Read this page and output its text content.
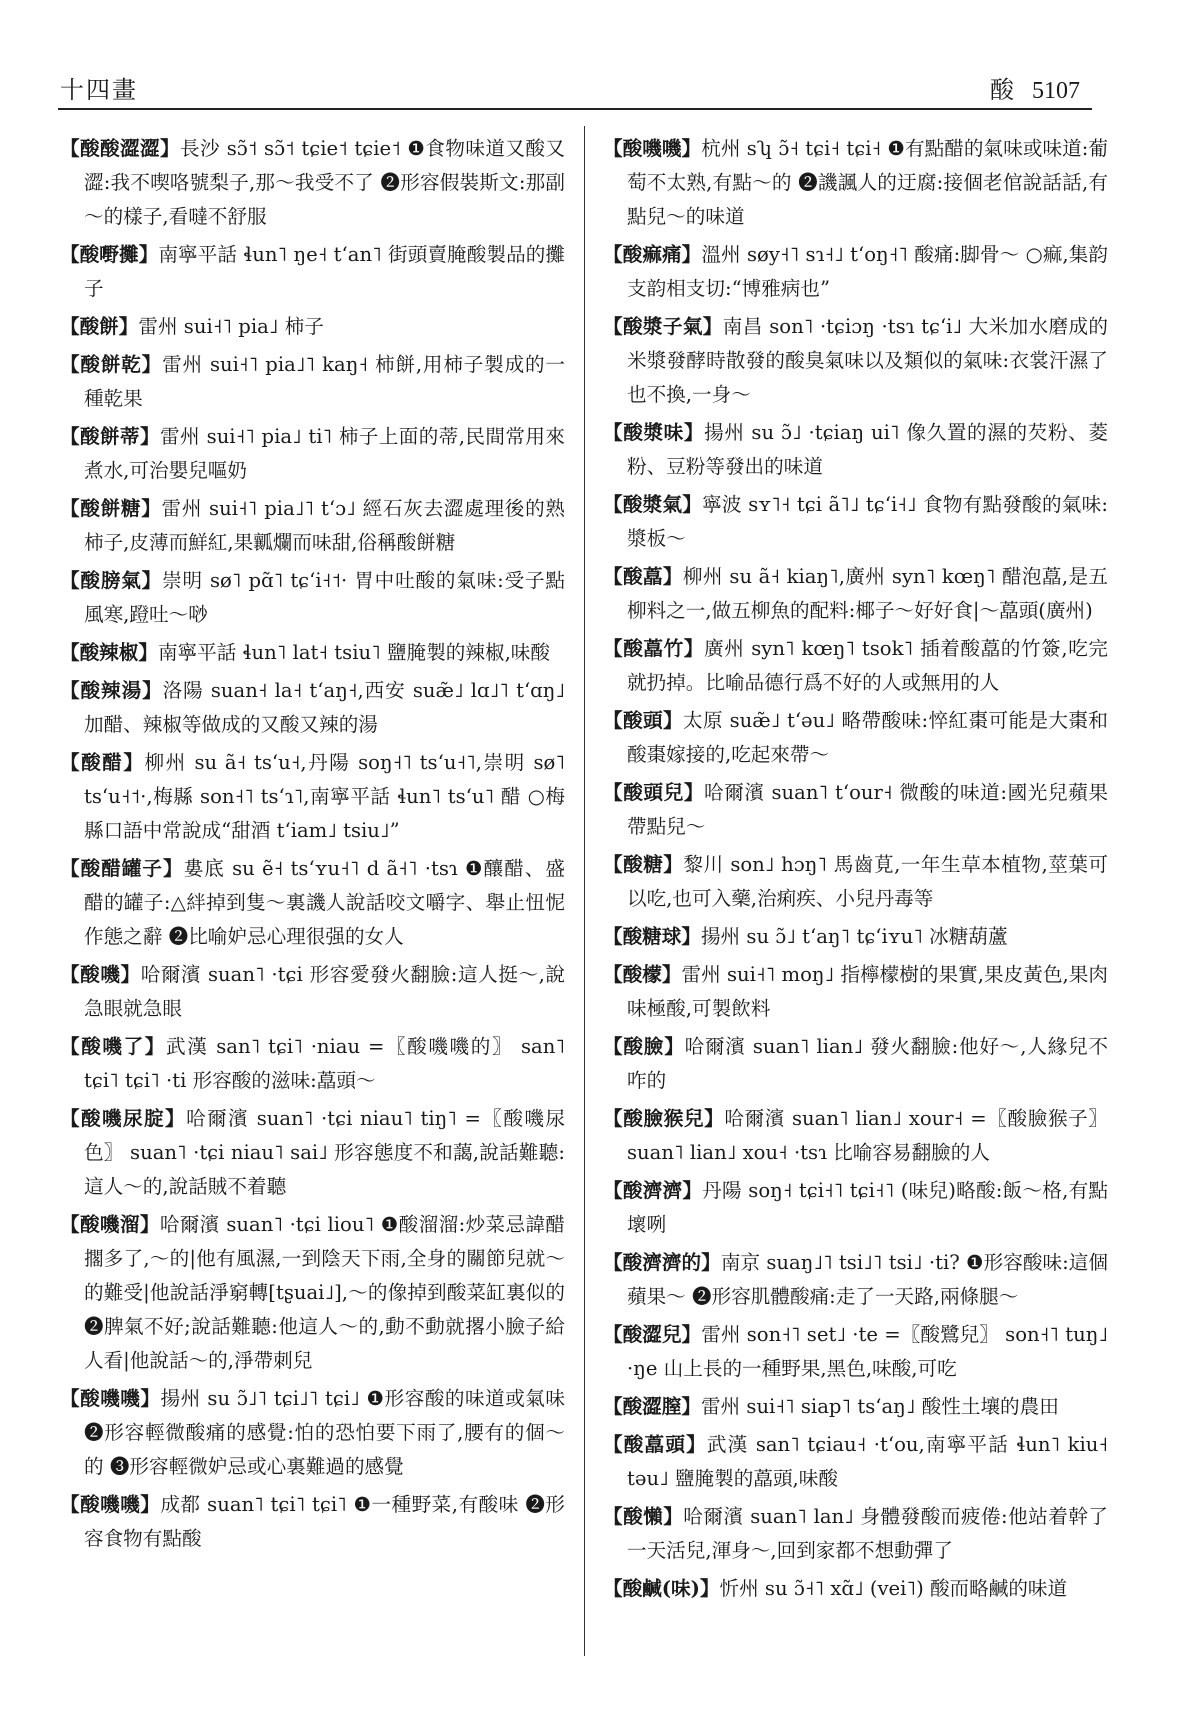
十四畫	酸 5107

【酸酸澀澀】長沙 sɔ̃˦ sɔ̃˦ tɕie˦ tɕie˦ ❶食物味道又酸又澀:我不喫咯號梨子,那～我受不了 ❷形容假裝斯文:那副～的樣子,看噠不舒服

【酸嘢攤】南寧平話 ɬun˥ ŋe˧ tʻan˥ 街頭賣腌酸製品的攤子

【酸餅】雷州 sui˧˥ pia˩ 柿子

【酸餅乾】雷州 sui˧˥ pia˩˥ kaŋ˧ 柿餅,用柿子製成的一種乾果

【酸餅蒂】雷州 sui˧˥ pia˩ ti˥ 柿子上面的蒂,民間常用來煮水,可治嬰兒嘔奶

【酸餅糖】雷州 sui˧˥ pia˩˥ tʻɔ˩ 經石灰去澀處理後的熟柿子,皮薄而鮮紅,果瓤爛而味甜,俗稱酸餅糖

【酸膀氣】崇明 sø˥ pɑ̃˥ tɕʻi˧˦· 胃中吐酸的氣味:受子點風寒,蹬吐～唦

【酸辣椒】南寧平話 ɬun˥ lat˧ tsiu˥ 鹽腌製的辣椒,味酸

【酸辣湯】洛陽 suan˧ la˧ tʻaŋ˧,西安 suæ̃˩ lɑ˩˥ tʻɑŋ˩ 加醋、辣椒等做成的又酸又辣的湯

【酸醋】柳州 su ã˧ tsʻu˧,丹陽 soŋ˧˥ tsʻu˧˥,崇明 sø˥ tsʻu˧˦·,梅縣 son˧˥ tsʻɿ˥,南寧平話 ɬun˥ tsʻu˥ 醋 ○梅縣口語中常說成“甜酒 tʻiam˩ tsiu˩”

【酸醋罐子】婁底 su ẽ˧ tsʻʏu˧˥ d ã˧˥ ·tsɿ ❶釀醋、盛醋的罐子:△絆掉到隻～裏譏人說話咬文嚼字、舉止忸怩作態之辭 ❷比喻妒忌心理很强的女人

【酸嘰】哈爾濱 suan˥ ·tɕi 形容愛發火翻臉:這人挺～,說急眼就急眼

【酸嘰了】武漢 san˥ tɕi˥ ·niau =〖酸嘰嘰的〗 san˥ tɕi˥ tɕi˥ ·ti 形容酸的滋味:藠頭～

【酸嘰尿腚】哈爾濱 suan˥ ·tɕi niau˥ tiŋ˥ =〖酸嘰尿色〗 suan˥ ·tɕi niau˥ sai˩ 形容態度不和藹,說話難聽:這人～的,說話賊不着聽

【酸嘰溜】哈爾濱 suan˥ ·tɕi liou˥ ❶酸溜溜:炒菜忌諱醋擱多了,～的|他有風濕,一到陰天下雨,全身的關節兒就～的難受|他說話淨窮轉[tʂuai˩],～的像掉到酸菜缸裏似的 ❷脾氣不好;說話難聽:他這人～的,動不動就撂小臉子給人看|他說話～的,淨帶刺兒

【酸嘰嘰】揚州 su ɔ̃˩˥ tɕi˩˥ tɕi˩ ❶形容酸的味道或氣味 ❷形容輕微酸痛的感覺:怕的恐怕要下雨了,腰有的個～的 ❸形容輕微妒忌或心裏難過的感覺

【酸嘰嘰】成都 suan˥ tɕi˥ tɕi˥ ❶一種野菜,有酸味 ❷形容食物有點酸

【酸嘰嘰】杭州 sʮ ɔ̃˧ tɕi˧ tɕi˧ ❶有點醋的氣味或味道:葡萄不太熟,有點～的 ❷譏諷人的迂腐:接個老倌說話話,有點兒～的味道

【酸痲痛】溫州 søy˧˥ sɿ˧˩ tʻoŋ˧˥ 酸痛:脚骨～ ○痲,集韵支韵相支切:“博雅病也”

【酸漿子氣】南昌 son˥ ·tɕiɔŋ ·tsɿ tɕʻi˩ 大米加水磨成的米漿發酵時散發的酸臭氣味以及類似的氣味:衣裳汗濕了也不換,一身～

【酸漿味】揚州 su ɔ̃˩ ·tɕiaŋ ui˥ 像久置的濕的芡粉、菱粉、豆粉等發出的味道

【酸漿氣】寧波 sʏ˥˧ tɕi ã˥˩ tɕʻi˧˩ 食物有點發酸的氣味:漿板～

【酸藠】柳州 su ã˧ kiaŋ˥,廣州 syn˥ kœŋ˥ 醋泡藠,是五柳料之一,做五柳魚的配料:椰子～好好食|～藠頭(廣州)

【酸藠竹】廣州 syn˥ kœŋ˥ tsok˥ 插着酸藠的竹簽,吃完就扔掉。比喻品德行爲不好的人或無用的人

【酸頭】太原 suæ̃˩ tʻəu˩ 略帶酸味:悴紅棗可能是大棗和酸棗嫁接的,吃起來帶～

【酸頭兒】哈爾濱 suan˥ tʻour˧ 微酸的味道:國光兒蘋果帶點兒～

【酸糖】黎川 son˩ hɔŋ˥ 馬齒莧,一年生草本植物,莖葉可以吃,也可入藥,治痢疾、小兒丹毒等

【酸糖球】揚州 su ɔ̃˩ tʻaŋ˥ tɕʻiʏu˥ 冰糖葫蘆

【酸檬】雷州 sui˧˥ moŋ˩ 指檸檬樹的果實,果皮黃色,果肉味極酸,可製飲料

【酸臉】哈爾濱 suan˥ lian˩ 發火翻臉:他好～,人緣兒不咋的

【酸臉猴兒】哈爾濱 suan˥ lian˩ xour˧ =〖酸臉猴子〗 suan˥ lian˩ xou˧ ·tsɿ 比喻容易翻臉的人

【酸濟濟】丹陽 soŋ˧ tɕi˧˥ tɕi˧˥ (味兒)略酸:飯～格,有點壞咧

【酸濟濟的】南京 suaŋ˩˥ tsi˩˥ tsi˩ ·ti? ❶形容酸味:這個蘋果～ ❷形容肌體酸痛:走了一天路,兩條腿～

【酸澀兒】雷州 son˧˥ set˩ ·te =〖酸鷺兒〗 son˧˥ tuŋ˩ ·ŋe 山上長的一種野果,黑色,味酸,可吃

【酸澀膣】雷州 sui˧˥ siap˥ tsʻaŋ˩ 酸性土壤的農田

【酸藠頭】武漢 san˥ tɕiau˧ ·tʻou,南寧平話 ɬun˥ kiu˧ təu˩ 鹽腌製的藠頭,味酸

【酸懶】哈爾濱 suan˥ lan˩ 身體發酸而疲倦:他站着幹了一天活兒,渾身～,回到家都不想動彈了

【酸鹹(味)】忻州 su ɔ̃˧˥ xɑ̃˩ (vei˥) 酸而略鹹的味道
